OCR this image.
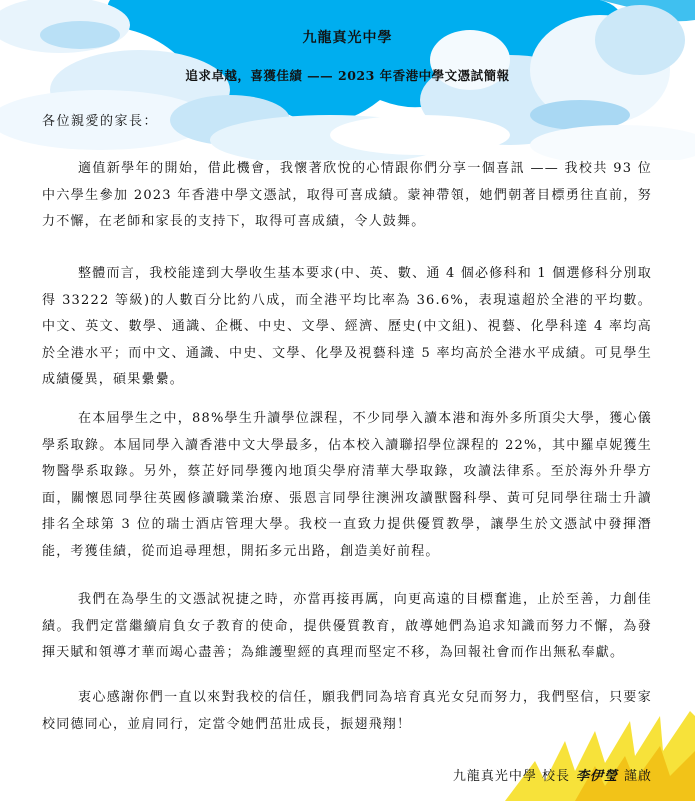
九龍真光中學
追求卓越，喜獲佳績 —— 2023 年香港中學文憑試簡報
各位親愛的家長：

適值新學年的開始，借此機會，我懷著欣悅的心情跟你們分享一個喜訊 —— 我校共 93 位中六學生參加 2023 年香港中學文憑試，取得可喜成績。蒙神帶領，她們朝著目標勇往直前，努力不懈，在老師和家長的支持下，取得可喜成績，令人鼓舞。

整體而言，我校能達到大學收生基本要求(中、英、數、通 4 個必修科和 1 個選修科分別取得 33222 等級)的人數百分比約八成，而全港平均比率為 36.6%，表現遠超於全港的平均數。中文、英文、數學、通識、企概、中史、文學、經濟、歷史(中文組)、視藝、化學科達 4 率均高於全港水平；而中文、通識、中史、文學、化學及視藝科達 5 率均高於全港水平成績。可見學生成績優異，碩果纍纍。

在本屆學生之中，88%學生升讀學位課程，不少同學入讀本港和海外多所頂尖大學，獲心儀學系取錄。本屆同學入讀香港中文大學最多，佔本校入讀聯招學位課程的 22%，其中羅卓妮獲生物醫學系取錄。另外，蔡芷妤同學獲內地頂尖學府清華大學取錄，攻讀法律系。至於海外升學方面，關懷恩同學往英國修讀職業治療、張恩言同學往澳洲攻讀獸醫科學、黃可兒同學往瑞士升讀排名全球第 3 位的瑞士酒店管理大學。我校一直致力提供優質教學，讓學生於文憑試中發揮潛能，考獲佳績，從而追尋理想，開拓多元出路，創造美好前程。

我們在為學生的文憑試祝捷之時，亦當再接再厲，向更高遠的目標奮進，止於至善，力創佳績。我們定當繼續肩負女子教育的使命，提供優質教育，啟導她們為追求知識而努力不懈，為發揮天賦和領導才華而竭心盡善；為維護聖經的真理而堅定不移，為回報社會而作出無私奉獻。

衷心感謝你們一直以來對我校的信任，願我們同為培育真光女兒而努力，我們堅信，只要家校同德同心，並肩同行，定當令她們茁壯成長，振翅飛翔！

九龍真光中學 校長 李伊瑩 謹啟
